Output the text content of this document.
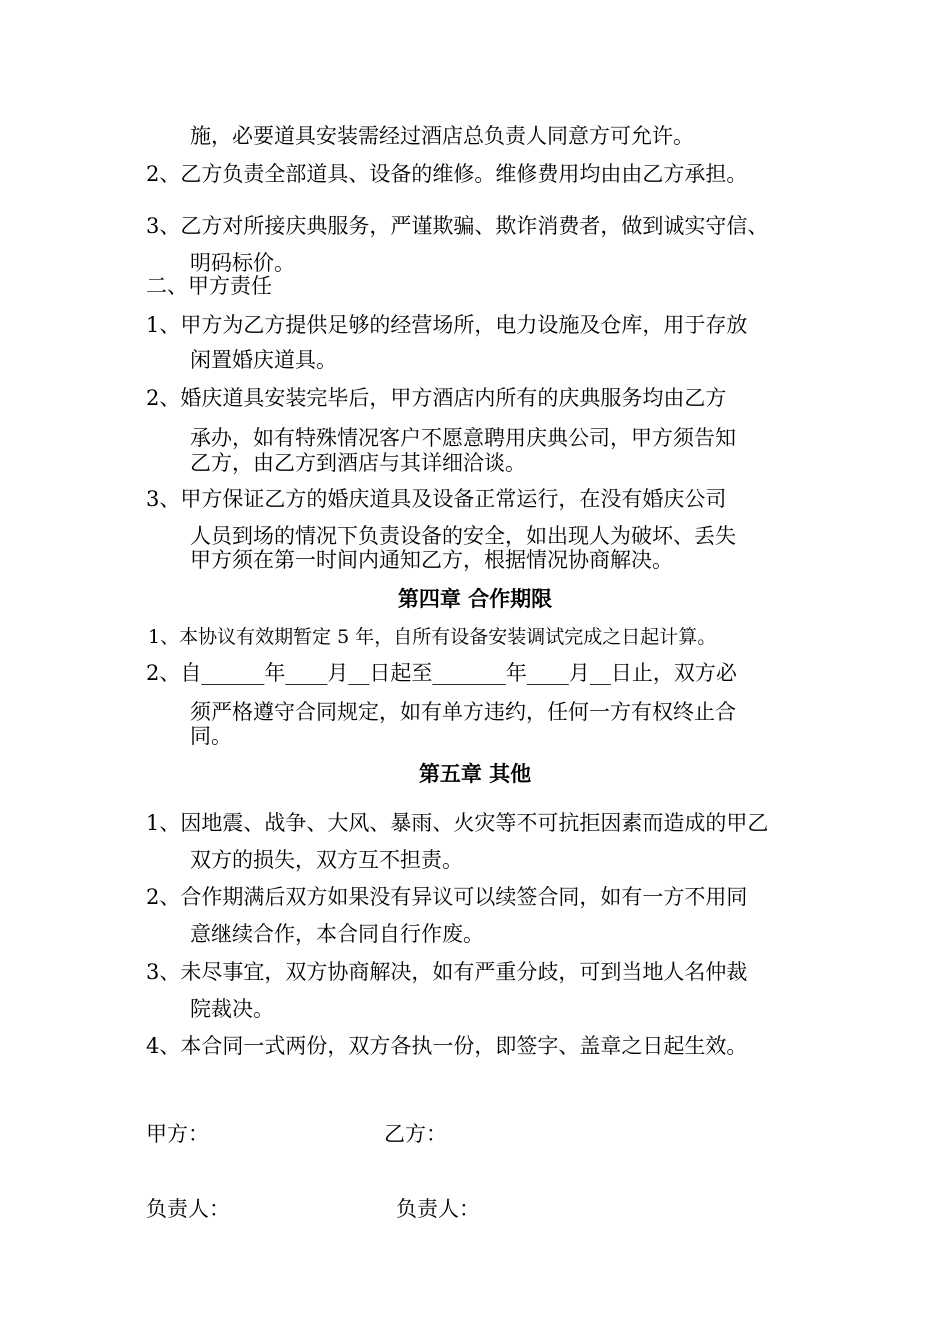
施，必要道具安装需经过酒店总负责人同意方可允许。
2、乙方负责全部道具、设备的维修。维修费用均由由乙方承担。
3、乙方对所接庆典服务，严谨欺骗、欺诈消费者，做到诚实守信、
明码标价。
二、甲方责任
1、甲方为乙方提供足够的经营场所，电力设施及仓库，用于存放
闲置婚庆道具。
2、婚庆道具安装完毕后，甲方酒店内所有的庆典服务均由乙方
承办，如有特殊情况客户不愿意聘用庆典公司，甲方须告知
乙方，由乙方到酒店与其详细洽谈。
3、甲方保证乙方的婚庆道具及设备正常运行，在没有婚庆公司
人员到场的情况下负责设备的安全，如出现人为破坏、丢失
甲方须在第一时间内通知乙方，根据情况协商解决。
第四章 合作期限
1、本协议有效期暂定 5 年，自所有设备安装调试完成之日起计算。
2、自______年____月__日起至_______年____月__日止，双方必
须严格遵守合同规定，如有单方违约，任何一方有权终止合
同。
第五章 其他
1、因地震、战争、大风、暴雨、火灾等不可抗拒因素而造成的甲乙
双方的损失，双方互不担责。
2、合作期满后双方如果没有异议可以续签合同，如有一方不用同
意继续合作，本合同自行作废。
3、未尽事宜，双方协商解决，如有严重分歧，可到当地人名仲裁
院裁决。
4、本合同一式两份，双方各执一份，即签字、盖章之日起生效。
甲方：	乙方：
负责人：	负责人：
